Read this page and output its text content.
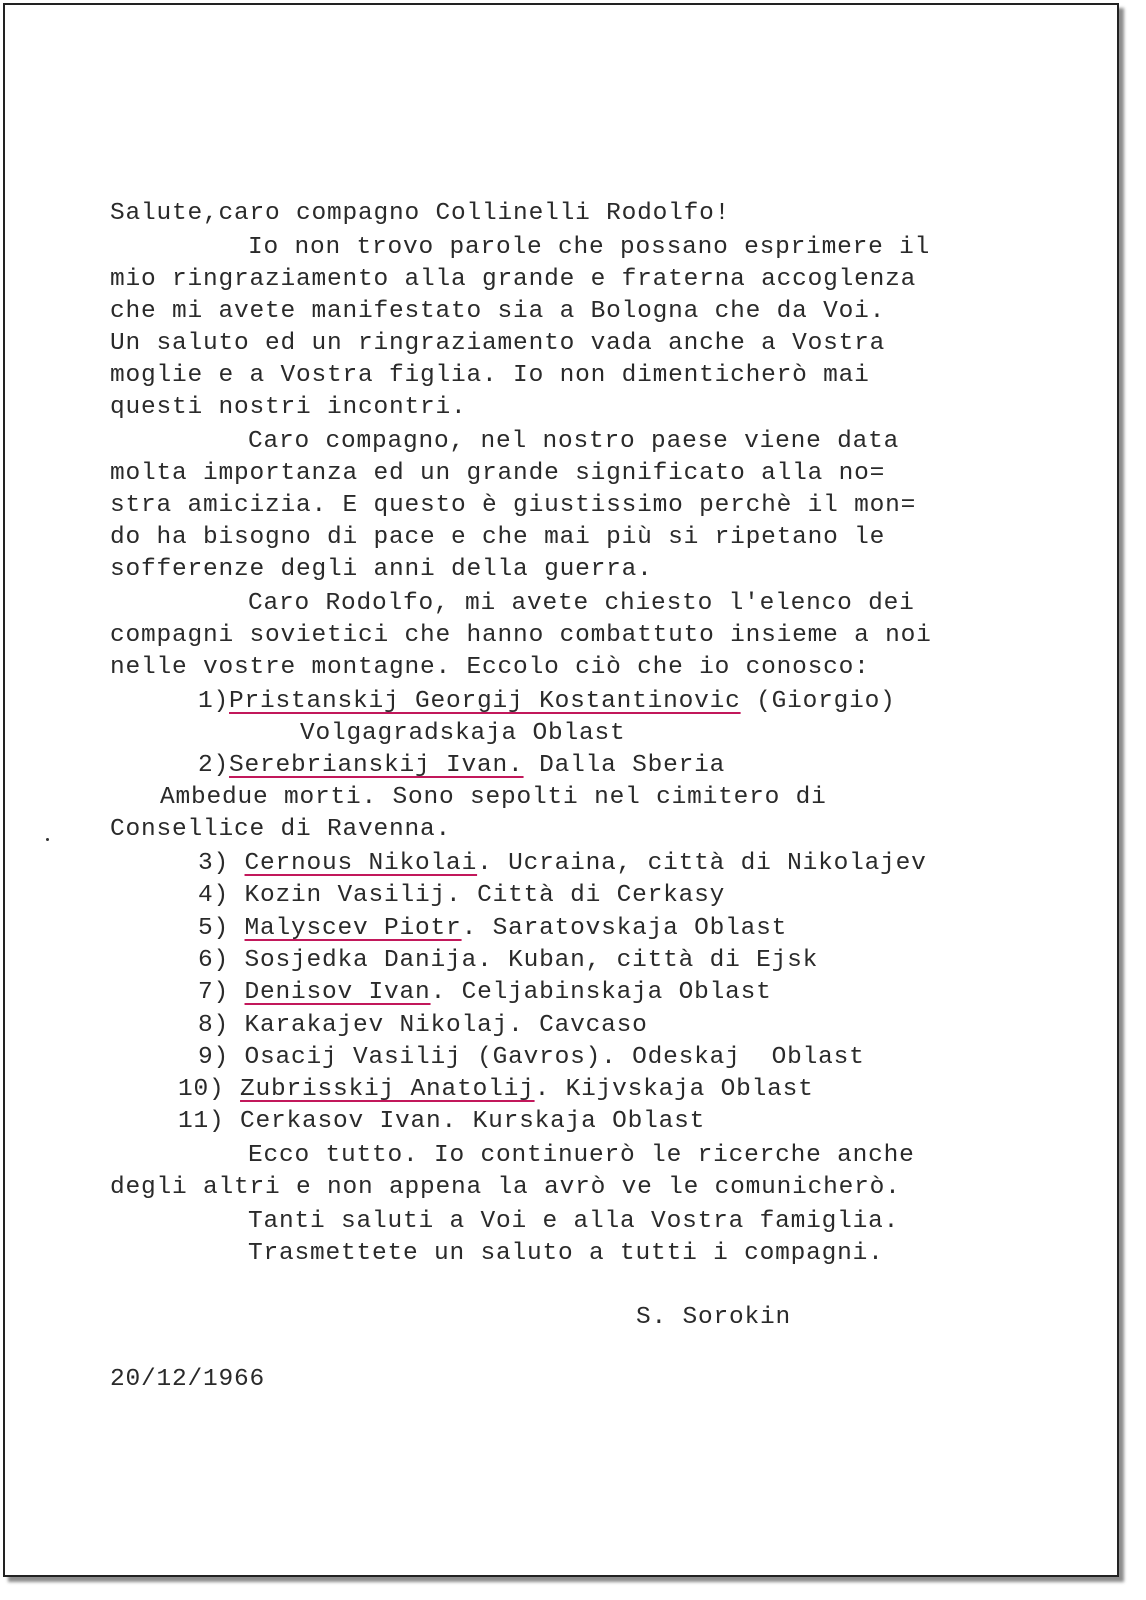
Salute,caro compagno Collinelli Rodolfo!
Io non trovo parole che possano esprimere il
mio ringraziamento alla grande e fraterna accoglenza
che mi avete manifestato sia a Bologna che da Voi.
Un saluto ed un ringraziamento vada anche a Vostra
moglie e a Vostra figlia. Io non dimenticherò mai
questi nostri incontri.
Caro compagno, nel nostro paese viene data
molta importanza ed un grande significato alla no=
stra amicizia. E questo è giustissimo perchè il mon=
do ha bisogno di pace e che mai più si ripetano le
sofferenze degli anni della guerra.
Caro Rodolfo, mi avete chiesto l'elenco dei
compagni sovietici che hanno combattuto insieme a noi
nelle vostre montagne. Eccolo ciò che io conosco:
1)Pristanskij Georgij Kostantinovic (Giorgio)
Volgagradskaja Oblast
2)Serebrianskij Ivan. Dalla Sberia
Ambedue morti. Sono sepolti nel cimitero di
Consellice di Ravenna.
3) Cernous Nikolai. Ucraina, città di Nikolajev
4) Kozin Vasilij. Città di Cerkasy
5) Malyscev Piotr. Saratovskaja Oblast
6) Sosjedka Danija. Kuban, città di Ejsk
7) Denisov Ivan. Celjabinskaja Oblast
8) Karakajev Nikolaj. Cavcaso
9) Osacij Vasilij (Gavros). Odeskaj  Oblast
10) Zubrisskij Anatolij. Kijvskaja Oblast
11) Cerkasov Ivan. Kurskaja Oblast
Ecco tutto. Io continuerò le ricerche anche
degli altri e non appena la avrò ve le comunicherò.
Tanti saluti a Voi e alla Vostra famiglia.
Trasmettete un saluto a tutti i compagni.
S. Sorokin
20/12/1966
